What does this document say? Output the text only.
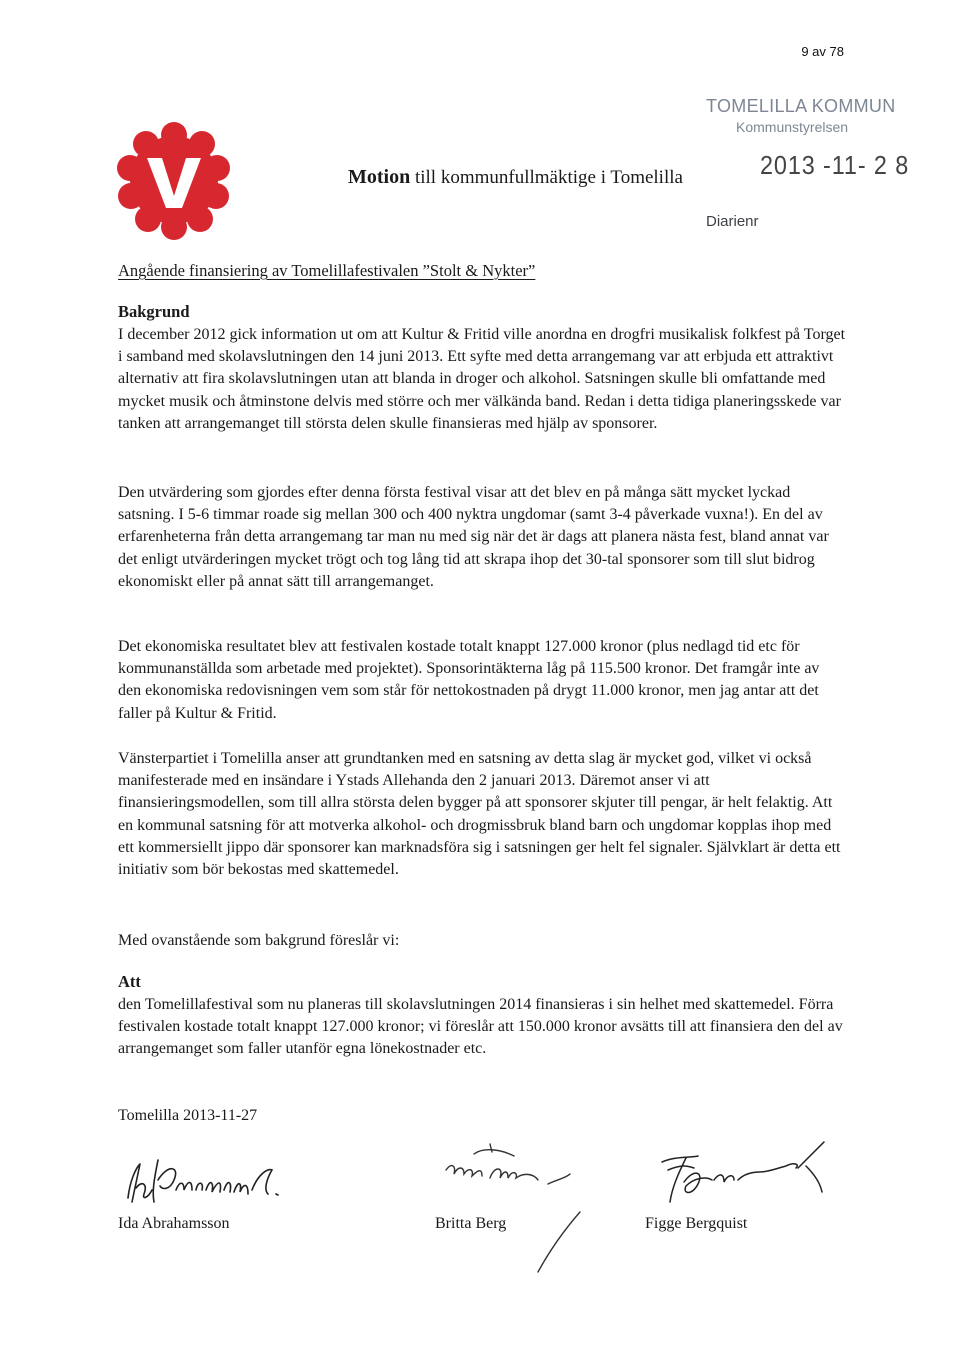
9 av 78
Motion till kommunfullmäktige i Tomelilla
TOMELILLA KOMMUN
Kommunstyrelsen
2013 -11- 2 8
Diarienr
Angående finansiering av Tomelillafestivalen ”Stolt & Nykter”

Bakgrund

I december 2012 gick information ut om att Kultur & Fritid ville anordna en drogfri musikalisk folkfest på Torget i samband med skolavslutningen den 14 juni 2013. Ett syfte med detta arrangemang var att erbjuda ett attraktivt alternativ att fira skolavslutningen utan att blanda in droger och alkohol. Satsningen skulle bli omfattande med mycket musik och åtminstone delvis med större och mer välkända band. Redan i detta tidiga planeringsskede var tanken att arrangemanget till största delen skulle finansieras med hjälp av sponsorer.

Den utvärdering som gjordes efter denna första festival visar att det blev en på många sätt mycket lyckad satsning. I 5-6 timmar roade sig mellan 300 och 400 nyktra ungdomar (samt 3-4 påverkade vuxna!). En del av erfarenheterna från detta arrangemang tar man nu med sig när det är dags att planera nästa fest, bland annat var det enligt utvärderingen mycket trögt och tog lång tid att skrapa ihop det 30-tal sponsorer som till slut bidrog ekonomiskt eller på annat sätt till arrangemanget.

Det ekonomiska resultatet blev att festivalen kostade totalt knappt 127.000 kronor (plus nedlagd tid etc för kommunanställda som arbetade med projektet). Sponsorintäkterna låg på 115.500 kronor. Det framgår inte av den ekonomiska redovisningen vem som står för nettokostnaden på drygt 11.000 kronor, men jag antar att det faller på Kultur & Fritid.

Vänsterpartiet i Tomelilla anser att grundtanken med en satsning av detta slag är mycket god, vilket vi också manifesterade med en insändare i Ystads Allehanda den 2 januari 2013. Däremot anser vi att finansieringsmodellen, som till allra största delen bygger på att sponsorer skjuter till pengar, är helt felaktig. Att en kommunal satsning för att motverka alkohol- och drogmissbruk bland barn och ungdomar kopplas ihop med ett kommersiellt jippo där sponsorer kan marknadsföra sig i satsningen ger helt fel signaler. Självklart är detta ett initiativ som bör bekostas med skattemedel.

Med ovanstående som bakgrund föreslår vi:

Att

den Tomelillafestival som nu planeras till skolavslutningen 2014 finansieras i sin helhet med skattemedel. Förra festivalen kostade totalt knappt 127.000 kronor; vi föreslår att 150.000 kronor avsätts till att finansiera den del av arrangemanget som faller utanför egna lönekostnader etc.

Tomelilla 2013-11-27

Ida Abrahamsson	Britta Berg	Figge Bergquist
